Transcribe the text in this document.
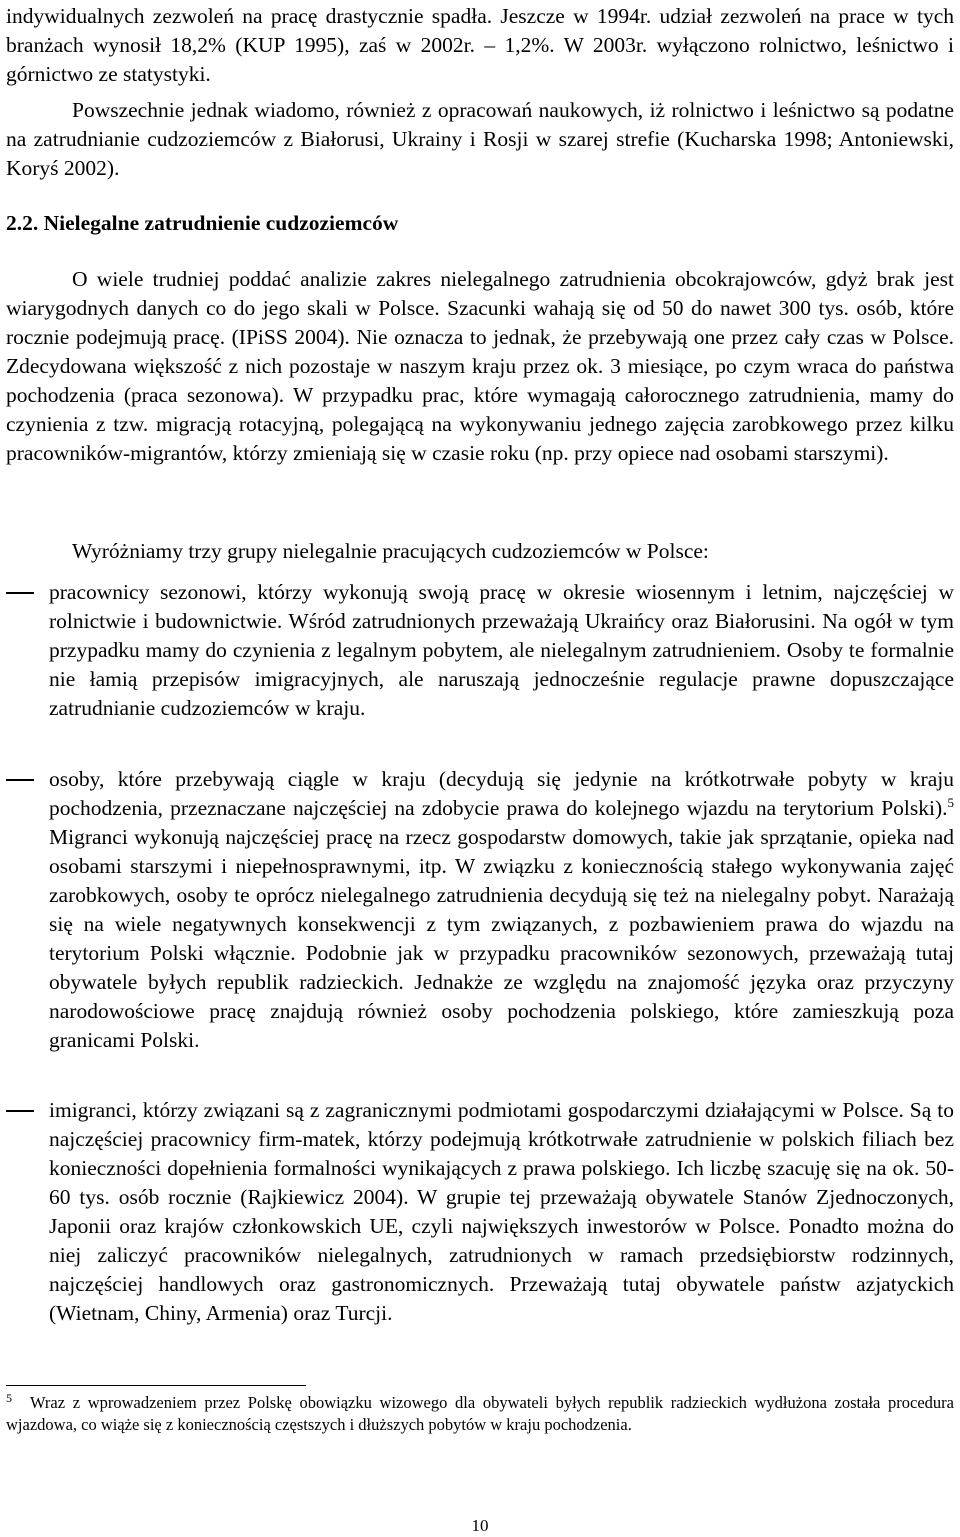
indywidualnych zezwoleń na pracę drastycznie spadła. Jeszcze w 1994r. udział zezwoleń na prace w tych branżach wynosił 18,2% (KUP 1995), zaś w 2002r. – 1,2%. W 2003r. wyłączono rolnictwo, leśnictwo i górnictwo ze statystyki.

Powszechnie jednak wiadomo, również z opracowań naukowych, iż rolnictwo i leśnictwo są podatne na zatrudnianie cudzoziemców z Białorusi, Ukrainy i Rosji w szarej strefie (Kucharska 1998; Antoniewski, Koryś 2002).

2.2. Nielegalne zatrudnienie cudzoziemców

O wiele trudniej poddać analizie zakres nielegalnego zatrudnienia obcokrajowców, gdyż brak jest wiarygodnych danych co do jego skali w Polsce. Szacunki wahają się od 50 do nawet 300 tys. osób, które rocznie podejmują pracę. (IPiSS 2004). Nie oznacza to jednak, że przebywają one przez cały czas w Polsce. Zdecydowana większość z nich pozostaje w naszym kraju przez ok. 3 miesiące, po czym wraca do państwa pochodzenia (praca sezonowa). W przypadku prac, które wymagają całorocznego zatrudnienia, mamy do czynienia z tzw. migracją rotacyjną, polegającą na wykonywaniu jednego zajęcia zarobkowego przez kilku pracowników-migrantów, którzy zmieniają się w czasie roku (np. przy opiece nad osobami starszymi).

Wyróżniamy trzy grupy nielegalnie pracujących cudzoziemców w Polsce:

pracownicy sezonowi, którzy wykonują swoją pracę w okresie wiosennym i letnim, najczęściej w rolnictwie i budownictwie. Wśród zatrudnionych przeważają Ukraińcy oraz Białorusini. Na ogół w tym przypadku mamy do czynienia z legalnym pobytem, ale nielegalnym zatrudnieniem. Osoby te formalnie nie łamią przepisów imigracyjnych, ale naruszają jednocześnie regulacje prawne dopuszczające zatrudnianie cudzoziemców w kraju.

osoby, które przebywają ciągle w kraju (decydują się jedynie na krótkotrwałe pobyty w kraju pochodzenia, przeznaczane najczęściej na zdobycie prawa do kolejnego wjazdu na terytorium Polski).$^5$ Migranci wykonują najczęściej pracę na rzecz gospodarstw domowych, takie jak sprzątanie, opieka nad osobami starszymi i niepełnosprawnymi, itp. W związku z koniecznością stałego wykonywania zajęć zarobkowych, osoby te oprócz nielegalnego zatrudnienia decydują się też na nielegalny pobyt. Narażają się na wiele negatywnych konsekwencji z tym związanych, z pozbawieniem prawa do wjazdu na terytorium Polski włącznie. Podobnie jak w przypadku pracowników sezonowych, przeważają tutaj obywatele byłych republik radzieckich. Jednakże ze względu na znajomość języka oraz przyczyny narodowościowe pracę znajdują również osoby pochodzenia polskiego, które zamieszkują poza granicami Polski.

imigranci, którzy związani są z zagranicznymi podmiotami gospodarczymi działającymi w Polsce. Są to najczęściej pracownicy firm-matek, którzy podejmują krótkotrwałe zatrudnienie w polskich filiach bez konieczności dopełnienia formalności wynikających z prawa polskiego. Ich liczbę szacuję się na ok. 50-60 tys. osób rocznie (Rajkiewicz 2004). W grupie tej przeważają obywatele Stanów Zjednoczonych, Japonii oraz krajów członkowskich UE, czyli największych inwestorów w Polsce. Ponadto można do niej zaliczyć pracowników nielegalnych, zatrudnionych w ramach przedsiębiorstw rodzinnych, najczęściej handlowych oraz gastronomicznych. Przeważają tutaj obywatele państw azjatyckich (Wietnam, Chiny, Armenia) oraz Turcji.

$^5$ Wraz z wprowadzeniem przez Polskę obowiązku wizowego dla obywateli byłych republik radzieckich wydłużona została procedura wjazdowa, co wiąże się z koniecznością częstszych i dłuższych pobytów w kraju pochodzenia.

10
